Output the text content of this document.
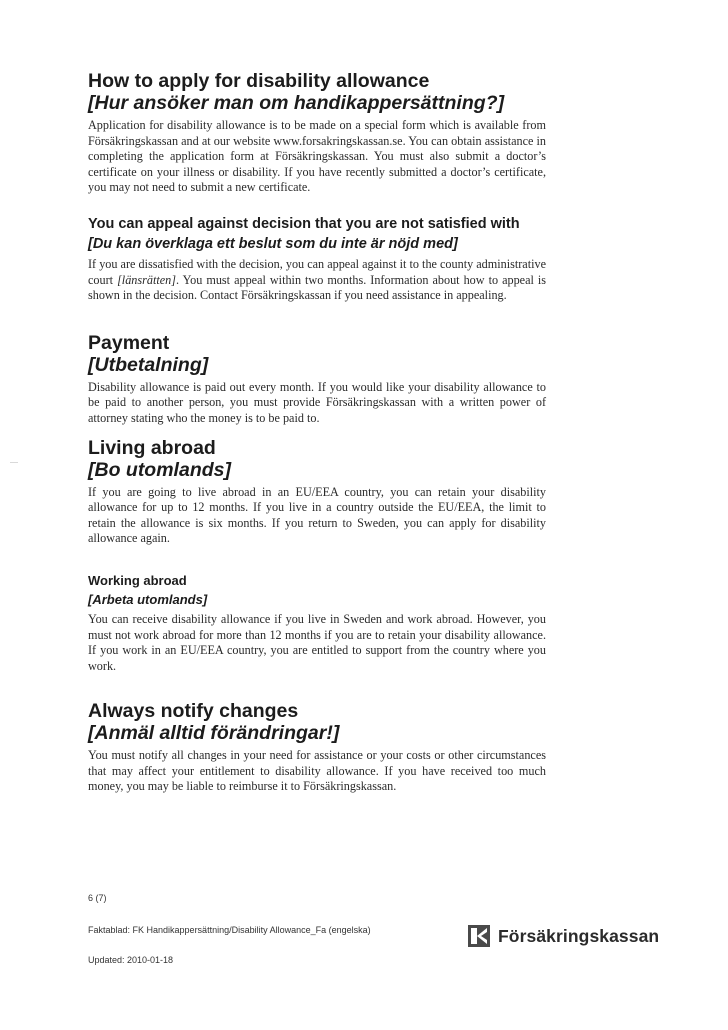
How to apply for disability allowance
[Hur ansöker man om handikappersättning?]

Application for disability allowance is to be made on a special form which is available from Försäkringskassan and at our website www.forsakringskassan.se. You can obtain assistance in completing the application form at Försäkringskassan. You must also submit a doctor’s certificate on your illness or disability. If you have recently submitted a doctor’s certificate, you may not need to submit a new certificate.

You can appeal against decision that you are not satisfied with
[Du kan överklaga ett beslut som du inte är nöjd med]

If you are dissatisfied with the decision, you can appeal against it to the county administrative court [länsrätten]. You must appeal within two months. Information about how to appeal is shown in the decision. Contact Försäkringskassan if you need assistance in appealing.

Payment
[Utbetalning]

Disability allowance is paid out every month. If you would like your disability allowance to be paid to another person, you must provide Försäkringskassan with a written power of attorney stating who the money is to be paid to.

Living abroad
[Bo utomlands]

If you are going to live abroad in an EU/EEA country, you can retain your disability allowance for up to 12 months. If you live in a country outside the EU/EEA, the limit to retain the allowance is six months. If you return to Sweden, you can apply for disability allowance again.

Working abroad
[Arbeta utomlands]

You can receive disability allowance if you live in Sweden and work abroad. However, you must not work abroad for more than 12 months if you are to retain your disability allowance. If you work in an EU/EEA country, you are entitled to support from the country where you work.

Always notify changes
[Anmäl alltid förändringar!]

You must notify all changes in your need for assistance or your costs or other circumstances that may affect your entitlement to disability allowance. If you have received too much money, you may be liable to reimburse it to Försäkringskassan.

6 (7)
Faktablad: FK Handikappersättning/Disability Allowance_Fa (engelska)
Updated: 2010-01-18
Försäkringskassan
